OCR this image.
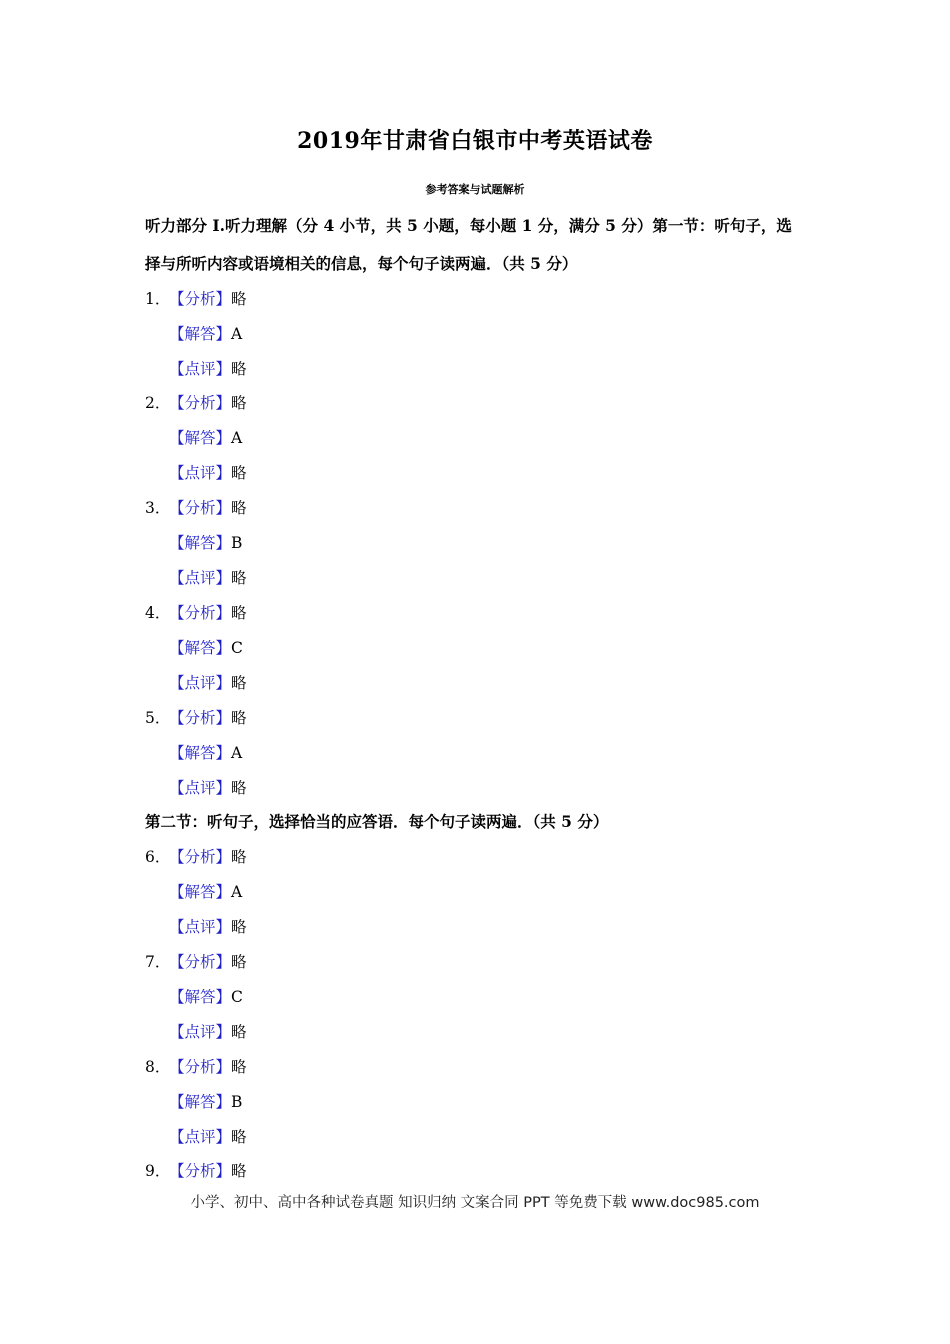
2019年甘肃省白银市中考英语试卷
参考答案与试题解析
听力部分 I.听力理解（分 4 小节，共 5 小题，每小题 1 分，满分 5 分）第一节：听句子，选
择与所听内容或语境相关的信息，每个句子读两遍．（共 5 分）
1．【分析】略
【解答】A
【点评】略
2．【分析】略
【解答】A
【点评】略
3．【分析】略
【解答】B
【点评】略
4．【分析】略
【解答】C
【点评】略
5．【分析】略
【解答】A
【点评】略
第二节：听句子，选择恰当的应答语．每个句子读两遍．（共 5 分）
6．【分析】略
【解答】A
【点评】略
7．【分析】略
【解答】C
【点评】略
8．【分析】略
【解答】B
【点评】略
9．【分析】略
小学、初中、高中各种试卷真题 知识归纳 文案合同 PPT 等免费下载 www.doc985.com
